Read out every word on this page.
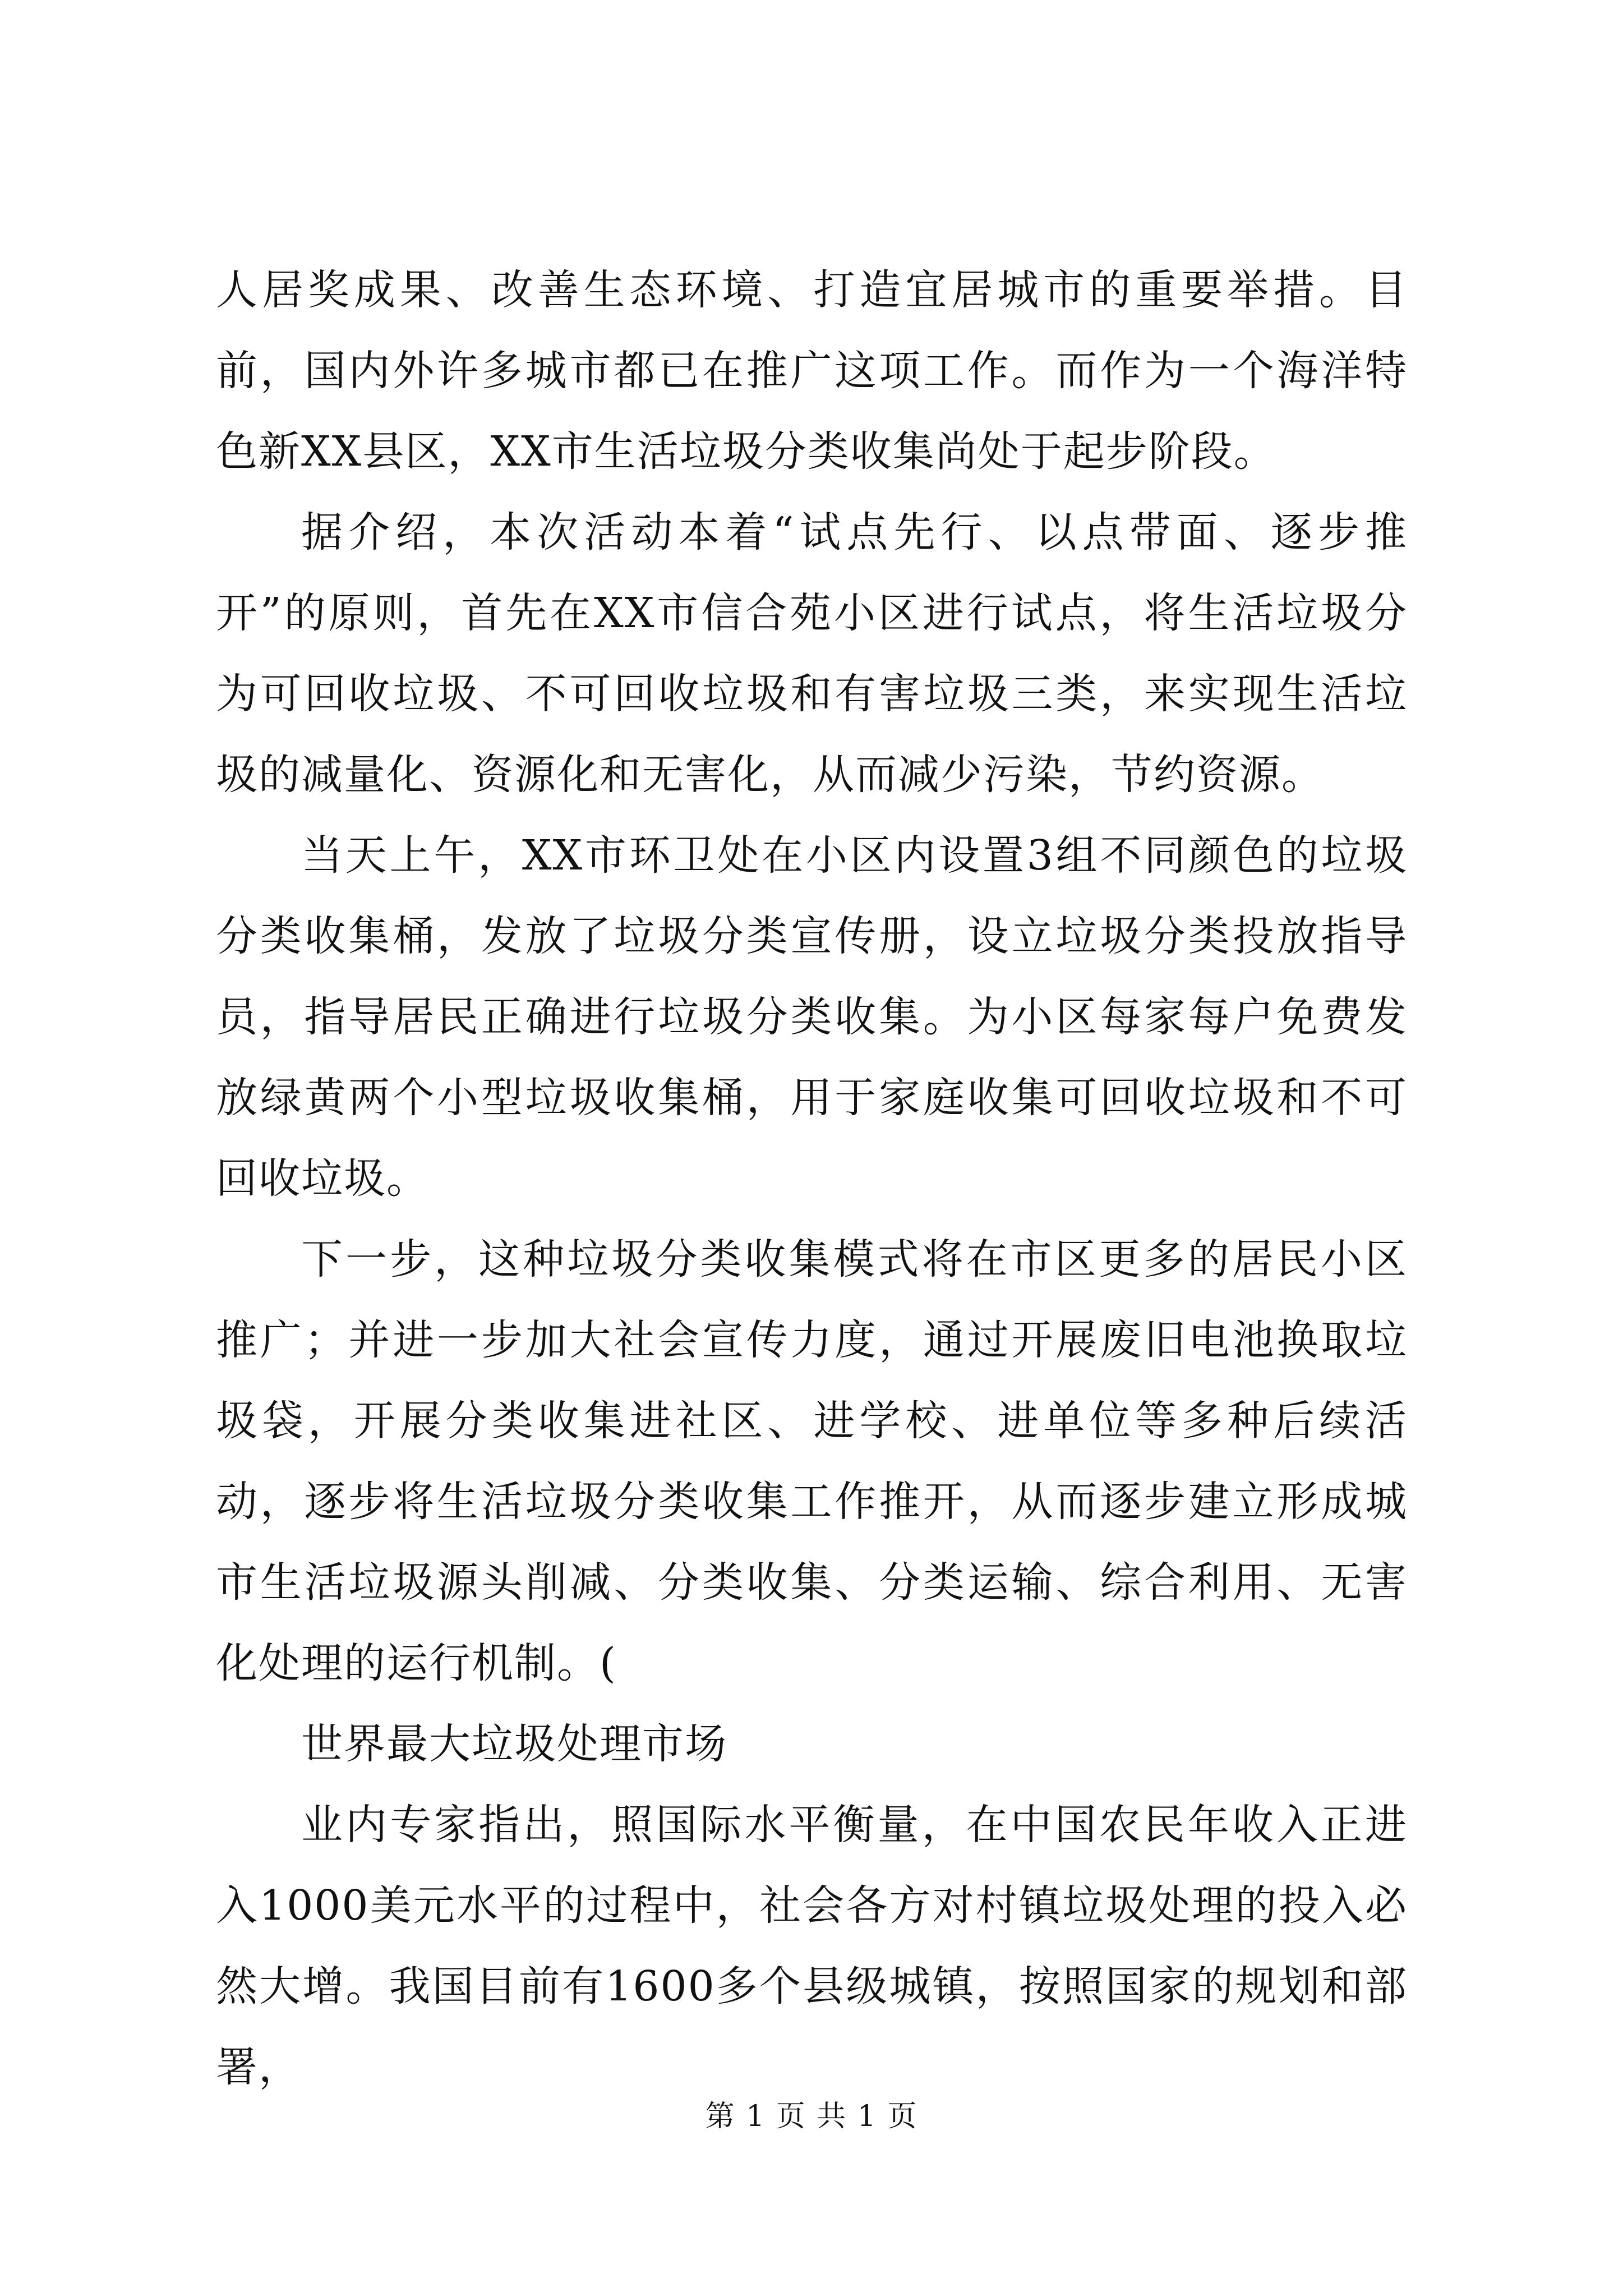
人居奖成果、改善生态环境、打造宜居城市的重要举措。目前，国内外许多城市都已在推广这项工作。而作为一个海洋特色新XX县区，XX市生活垃圾分类收集尚处于起步阶段。

据介绍，本次活动本着“试点先行、以点带面、逐步推开”的原则，首先在XX市信合苑小区进行试点，将生活垃圾分为可回收垃圾、不可回收垃圾和有害垃圾三类，来实现生活垃圾的减量化、资源化和无害化，从而减少污染，节约资源。

当天上午，XX市环卫处在小区内设置3组不同颜色的垃圾分类收集桶，发放了垃圾分类宣传册，设立垃圾分类投放指导员，指导居民正确进行垃圾分类收集。为小区每家每户免费发放绿黄两个小型垃圾收集桶，用于家庭收集可回收垃圾和不可回收垃圾。

下一步，这种垃圾分类收集模式将在市区更多的居民小区推广；并进一步加大社会宣传力度，通过开展废旧电池换取垃圾袋，开展分类收集进社区、进学校、进单位等多种后续活动，逐步将生活垃圾分类收集工作推开，从而逐步建立形成城市生活垃圾源头削减、分类收集、分类运输、综合利用、无害化处理的运行机制。(

世界最大垃圾处理市场

业内专家指出，照国际水平衡量，在中国农民年收入正进入1000美元水平的过程中，社会各方对村镇垃圾处理的投入必然大增。我国目前有1600多个县级城镇，按照国家的规划和部署，

第 1 页 共 1 页
